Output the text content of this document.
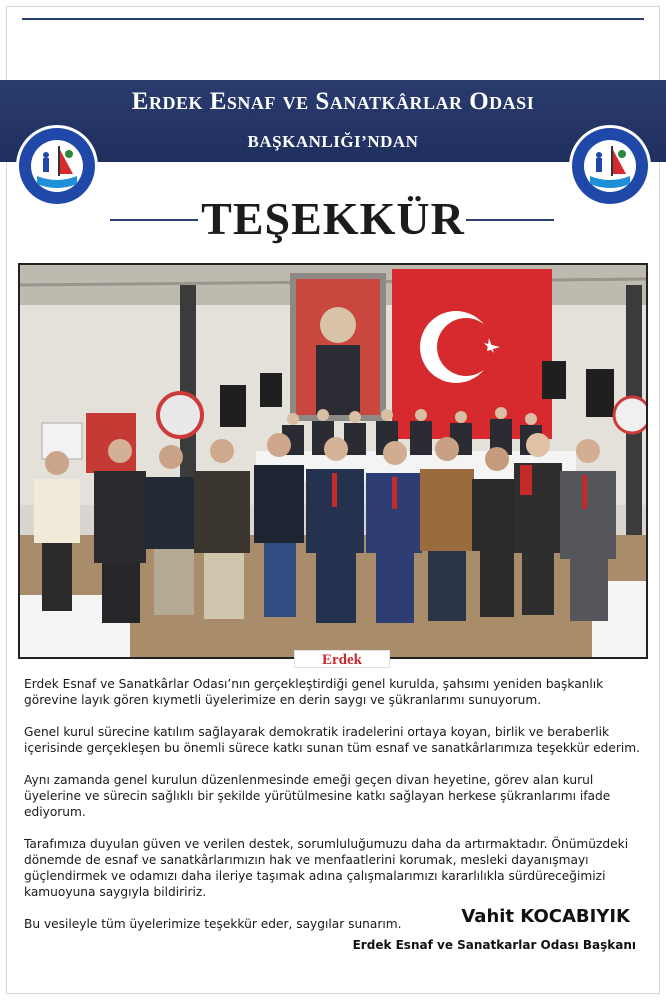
Erdek Esnaf ve Sanatkârlar Odası
BAŞKANLIĞI’NDAN
TEŞEKKÜR
Erdek

Erdek Esnaf ve Sanatkârlar Odası’nın gerçekleştirdiği genel kurulda, şahsımı yeniden başkanlık görevine layık gören kıymetli üyelerimize en derin saygı ve şükranlarımı sunuyorum.

Genel kurul sürecine katılım sağlayarak demokratik iradelerini ortaya koyan, birlik ve beraberlik içerisinde gerçekleşen bu önemli sürece katkı sunan tüm esnaf ve sanatkârlarımıza teşekkür ederim.

Aynı zamanda genel kurulun düzenlenmesinde emeği geçen divan heyetine, görev alan kurul üyelerine ve sürecin sağlıklı bir şekilde yürütülmesine katkı sağlayan herkese şükranlarımı ifade ediyorum.

Tarafımıza duyulan güven ve verilen destek, sorumluluğumuzu daha da artırmaktadır. Önümüzdeki dönemde de esnaf ve sanatkârlarımızın hak ve menfaatlerini korumak, mesleki dayanışmayı güçlendirmek ve odamızı daha ileriye taşımak adına çalışmalarımızı kararlılıkla sürdüreceğimizi kamuoyuna saygıyla bildiririz.

Bu vesileyle tüm üyelerimize teşekkür eder, saygılar sunarım.	Vahit KOCABIYIK
Erdek Esnaf ve Sanatkarlar Odası Başkanı
